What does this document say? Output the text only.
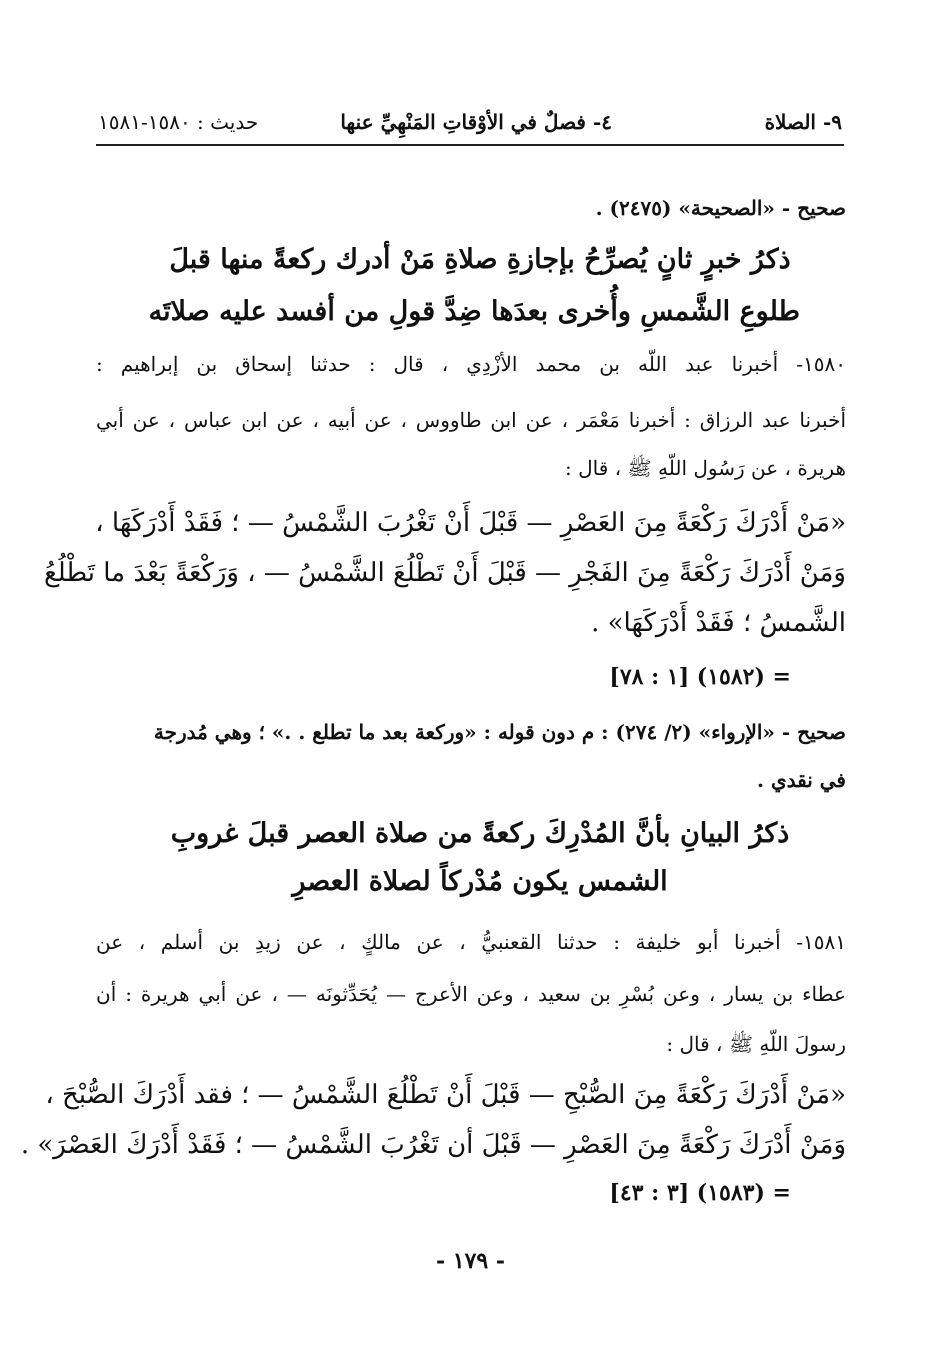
٩- الصلاة
٤- فصلٌ في الأوْقاتِ المَنْهِيِّ عنها
حديث : ١٥٨٠-١٥٨١
صحيح - «الصحيحة» (٢٤٧٥) .
ذكرُ خبرٍ ثانٍ يُصرِّحُ بإجازةِ صلاةِ مَنْ أدرك ركعةً منها قبلَ
طلوعِ الشَّمسِ وأُخرى بعدَها ضِدَّ قولِ من أفسد عليه صلاتَه
١٥٨٠- أخبرنا عبد اللّه بن محمد الأزْدِي ، قال : حدثنا إسحاق بن إبراهيم :
أخبرنا عبد الرزاق : أخبرنا مَعْمَر ، عن ابن طاووس ، عن أبيه ، عن ابن عباس ، عن أبي
هريرة ، عن رَسُول اللّهِ ﷺ ، قال :
«مَنْ أَدْرَكَ رَكْعَةً مِنَ العَصْرِ — قَبْلَ أَنْ تَغْرُبَ الشَّمْسُ — ؛ فَقَدْ أَدْرَكَهَا ،
وَمَنْ أَدْرَكَ رَكْعَةً مِنَ الفَجْرِ — قَبْلَ أَنْ تَطْلُعَ الشَّمْسُ — ، وَرَكْعَةً بَعْدَ ما تَطْلُعُ
الشَّمسُ ؛ فَقَدْ أَدْرَكَهَا» .
= (١٥٨٢) [١ : ٧٨]
صحيح - «الإرواء» (٢/ ٢٧٤) : م دون قوله : «وركعة بعد ما تطلع . .» ؛ وهي مُدرجة
في نقدي .
ذكرُ البيانِ بأنَّ المُدْرِكَ ركعةً من صلاة العصر قبلَ غروبِ
الشمس يكون مُدْركاً لصلاة العصرِ
١٥٨١- أخبرنا أبو خليفة : حدثنا القعنبيُّ ، عن مالكٍ ، عن زيدِ بن أسلم ، عن
عطاء بن يسار ، وعن بُسْرِ بن سعيد ، وعن الأعرج — يُحَدِّثونَه — ، عن أبي هريرة : أن
رسولَ اللّهِ ﷺ ، قال :
«مَنْ أَدْرَكَ رَكْعَةً مِنَ الصُّبْحِ — قَبْلَ أَنْ تَطْلُعَ الشَّمْسُ — ؛ فقد أَدْرَكَ الصُّبْحَ ،
وَمَنْ أَدْرَكَ رَكْعَةً مِنَ العَصْرِ — قَبْلَ أن تَغْرُبَ الشَّمْسُ — ؛ فَقَدْ أَدْرَكَ العَصْرَ» .
= (١٥٨٣) [٣ : ٤٣]
- ١٧٩ -
